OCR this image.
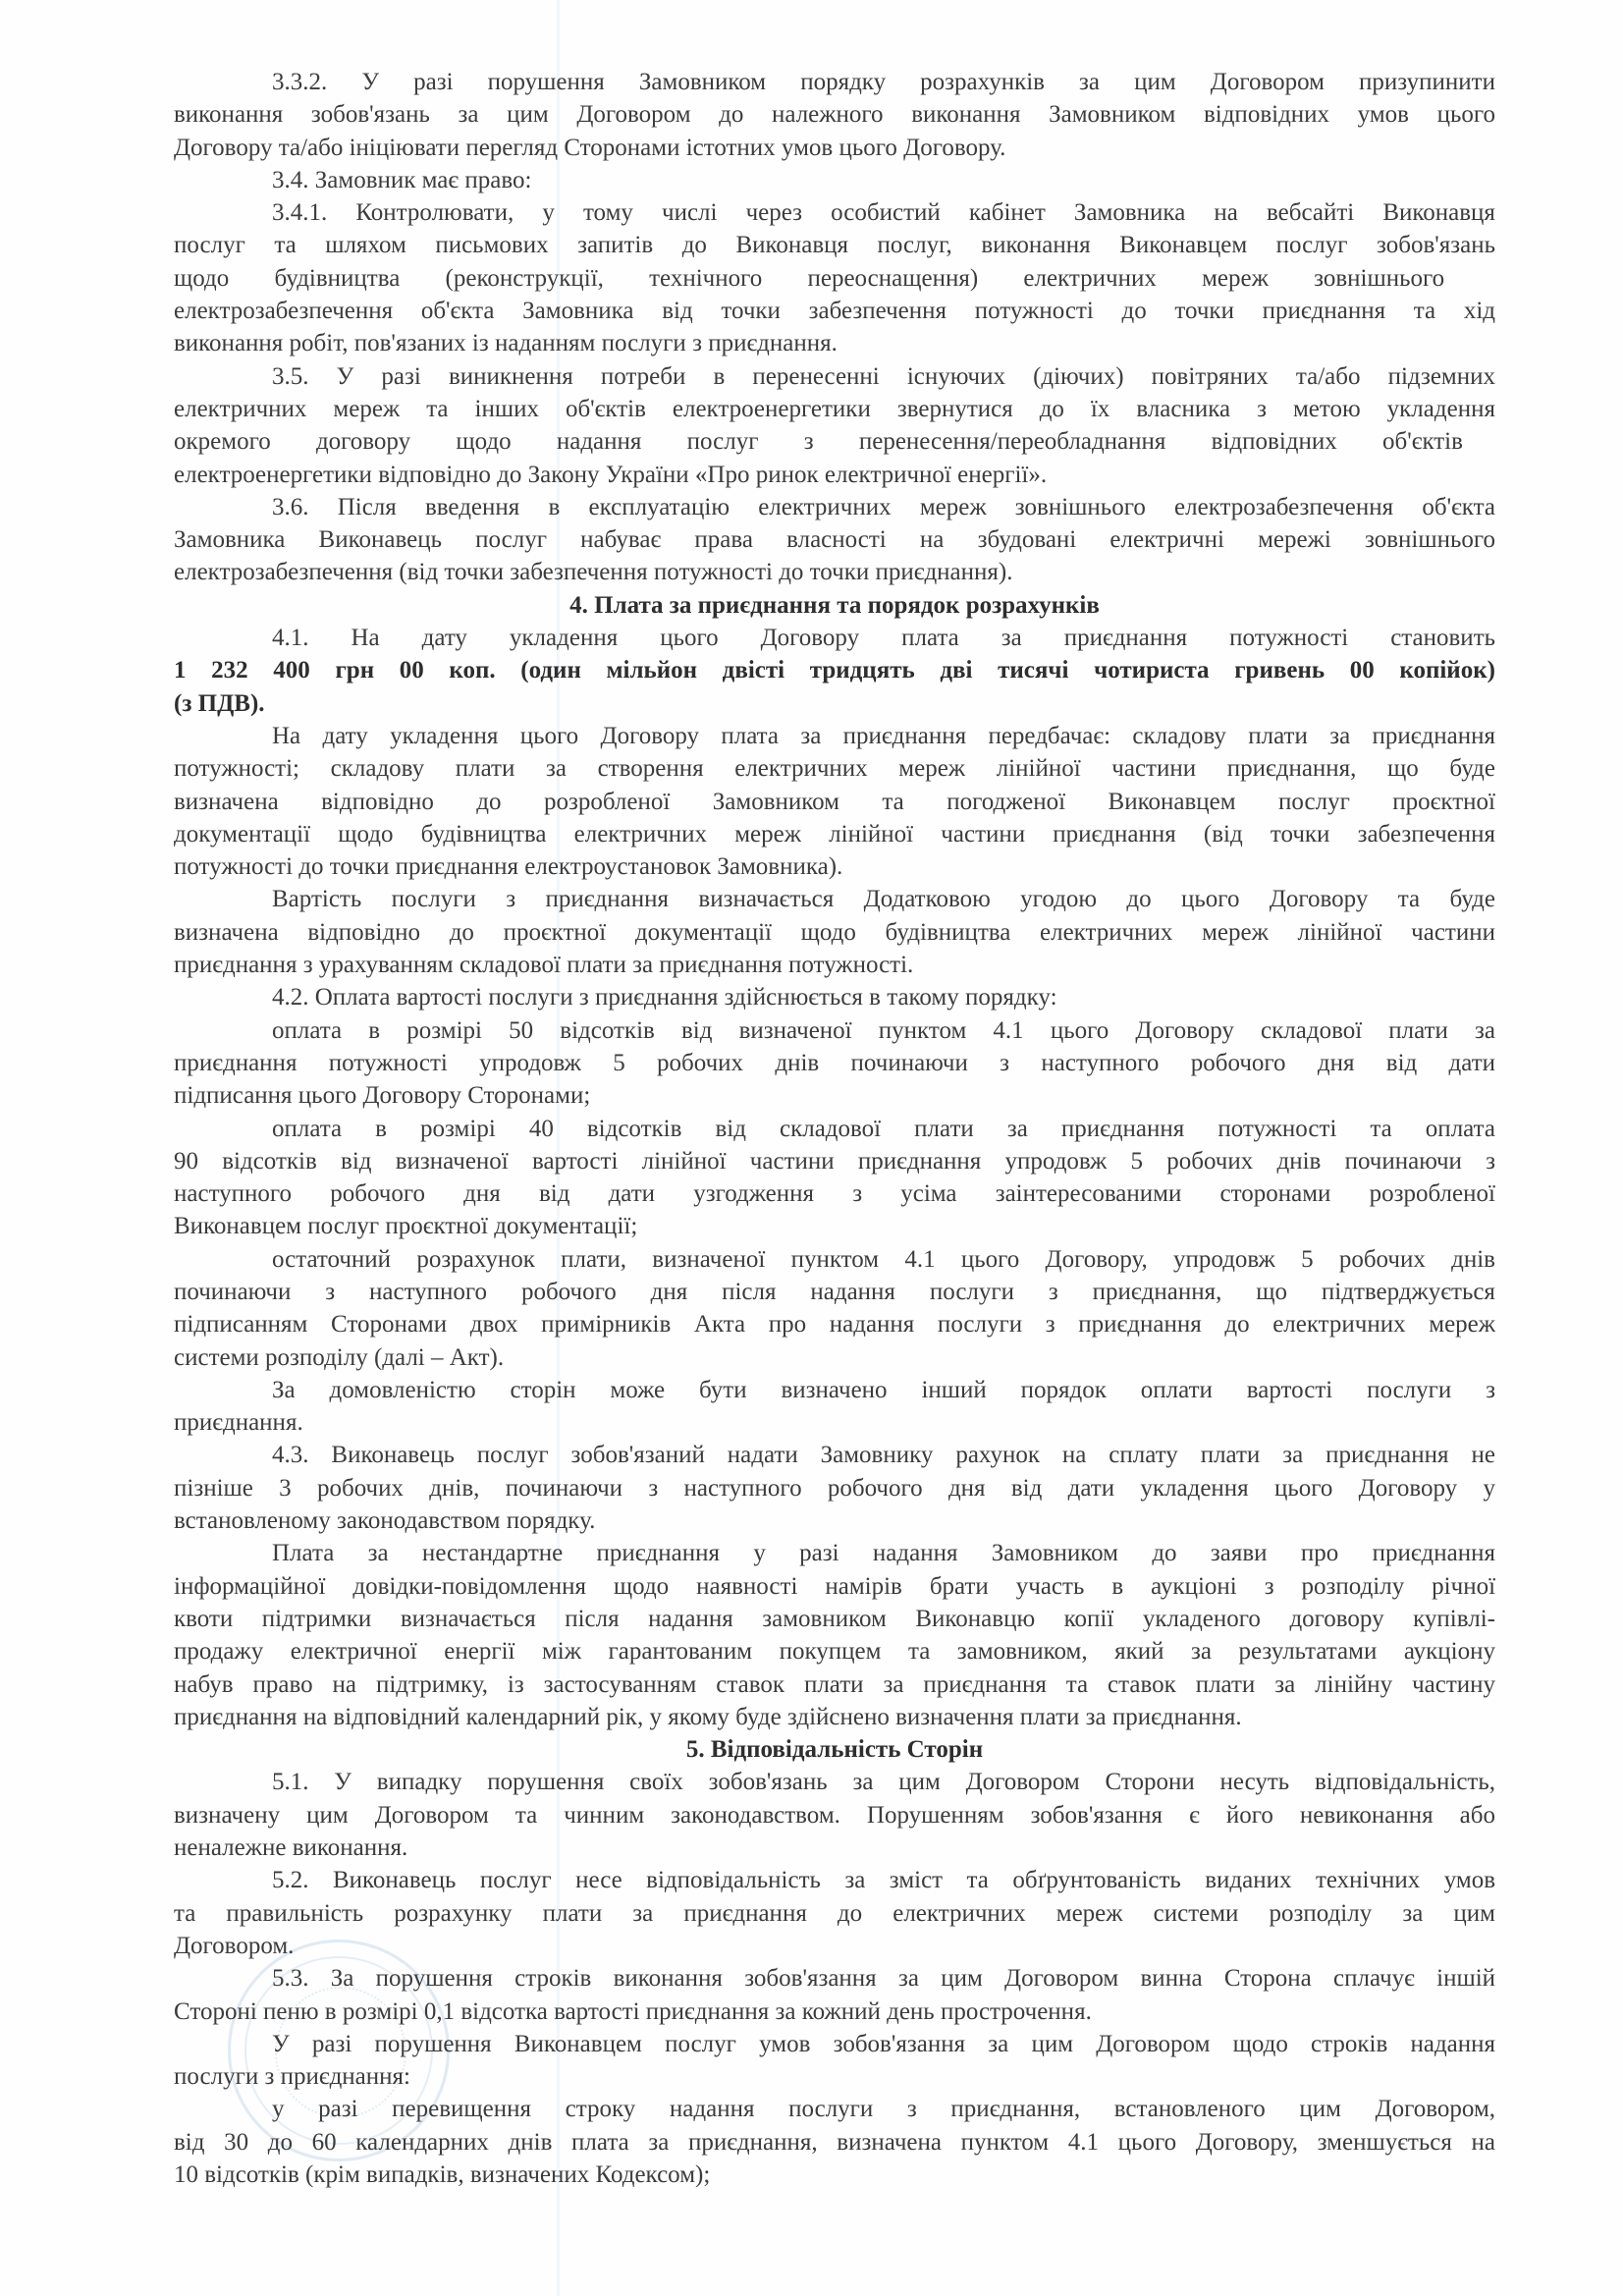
3.3.2. У разі порушення Замовником порядку розрахунків за цим Договором призупинити
виконання зобов'язань за цим Договором до належного виконання Замовником відповідних умов цього
Договору та/або ініціювати перегляд Сторонами істотних умов цього Договору.
3.4. Замовник має право:
3.4.1. Контролювати, у тому числі через особистий кабінет Замовника на вебсайті Виконавця
послуг та шляхом письмових запитів до Виконавця послуг, виконання Виконавцем послуг зобов'язань
щодо будівництва (реконструкції, технічного переоснащення) електричних мереж зовнішнього
електрозабезпечення об'єкта Замовника від точки забезпечення потужності до точки приєднання та хід
виконання робіт, пов'язаних із наданням послуги з приєднання.
3.5. У разі виникнення потреби в перенесенні існуючих (діючих) повітряних та/або підземних
електричних мереж та інших об'єктів електроенергетики звернутися до їх власника з метою укладення
окремого договору щодо надання послуг з перенесення/переобладнання відповідних об'єктів
електроенергетики відповідно до Закону України «Про ринок електричної енергії».
3.6. Після введення в експлуатацію електричних мереж зовнішнього електрозабезпечення об'єкта
Замовника Виконавець послуг набуває права власності на збудовані електричні мережі зовнішнього
електрозабезпечення (від точки забезпечення потужності до точки приєднання).
4. Плата за приєднання та порядок розрахунків
4.1. На дату укладення цього Договору плата за приєднання потужності становить
1 232 400 грн 00 коп. (один мільйон двісті тридцять дві тисячі чотириста гривень 00 копійок)
(з ПДВ).
На дату укладення цього Договору плата за приєднання передбачає: складову плати за приєднання
потужності; складову плати за створення електричних мереж лінійної частини приєднання, що буде
визначена відповідно до розробленої Замовником та погодженої Виконавцем послуг проєктної
документації щодо будівництва електричних мереж лінійної частини приєднання (від точки забезпечення
потужності до точки приєднання електроустановок Замовника).
Вартість послуги з приєднання визначається Додатковою угодою до цього Договору та буде
визначена відповідно до проєктної документації щодо будівництва електричних мереж лінійної частини
приєднання з урахуванням складової плати за приєднання потужності.
4.2. Оплата вартості послуги з приєднання здійснюється в такому порядку:
оплата в розмірі 50 відсотків від визначеної пунктом 4.1 цього Договору складової плати за
приєднання потужності упродовж 5 робочих днів починаючи з наступного робочого дня від дати
підписання цього Договору Сторонами;
оплата в розмірі 40 відсотків від складової плати за приєднання потужності та оплата
90 відсотків від визначеної вартості лінійної частини приєднання упродовж 5 робочих днів починаючи з
наступного робочого дня від дати узгодження з усіма заінтересованими сторонами розробленої
Виконавцем послуг проєктної документації;
остаточний розрахунок плати, визначеної пунктом 4.1 цього Договору, упродовж 5 робочих днів
починаючи з наступного робочого дня після надання послуги з приєднання, що підтверджується
підписанням Сторонами двох примірників Акта про надання послуги з приєднання до електричних мереж
системи розподілу (далі – Акт).
За домовленістю сторін може бути визначено інший порядок оплати вартості послуги з
приєднання.
4.3. Виконавець послуг зобов'язаний надати Замовнику рахунок на сплату плати за приєднання не
пізніше 3 робочих днів, починаючи з наступного робочого дня від дати укладення цього Договору у
встановленому законодавством порядку.
Плата за нестандартне приєднання у разі надання Замовником до заяви про приєднання
інформаційної довідки-повідомлення щодо наявності намірів брати участь в аукціоні з розподілу річної
квоти підтримки визначається після надання замовником Виконавцю копії укладеного договору купівлі-
продажу електричної енергії між гарантованим покупцем та замовником, який за результатами аукціону
набув право на підтримку, із застосуванням ставок плати за приєднання та ставок плати за лінійну частину
приєднання на відповідний календарний рік, у якому буде здійснено визначення плати за приєднання.
5. Відповідальність Сторін
5.1. У випадку порушення своїх зобов'язань за цим Договором Сторони несуть відповідальність,
визначену цим Договором та чинним законодавством. Порушенням зобов'язання є його невиконання або
неналежне виконання.
5.2. Виконавець послуг несе відповідальність за зміст та обґрунтованість виданих технічних умов
та правильність розрахунку плати за приєднання до електричних мереж системи розподілу за цим
Договором.
5.3. За порушення строків виконання зобов'язання за цим Договором винна Сторона сплачує іншій
Стороні пеню в розмірі 0,1 відсотка вартості приєднання за кожний день прострочення.
У разі порушення Виконавцем послуг умов зобов'язання за цим Договором щодо строків надання
послуги з приєднання:
у разі перевищення строку надання послуги з приєднання, встановленого цим Договором,
від 30 до 60 календарних днів плата за приєднання, визначена пунктом 4.1 цього Договору, зменшується на
10 відсотків (крім випадків, визначених Кодексом);
